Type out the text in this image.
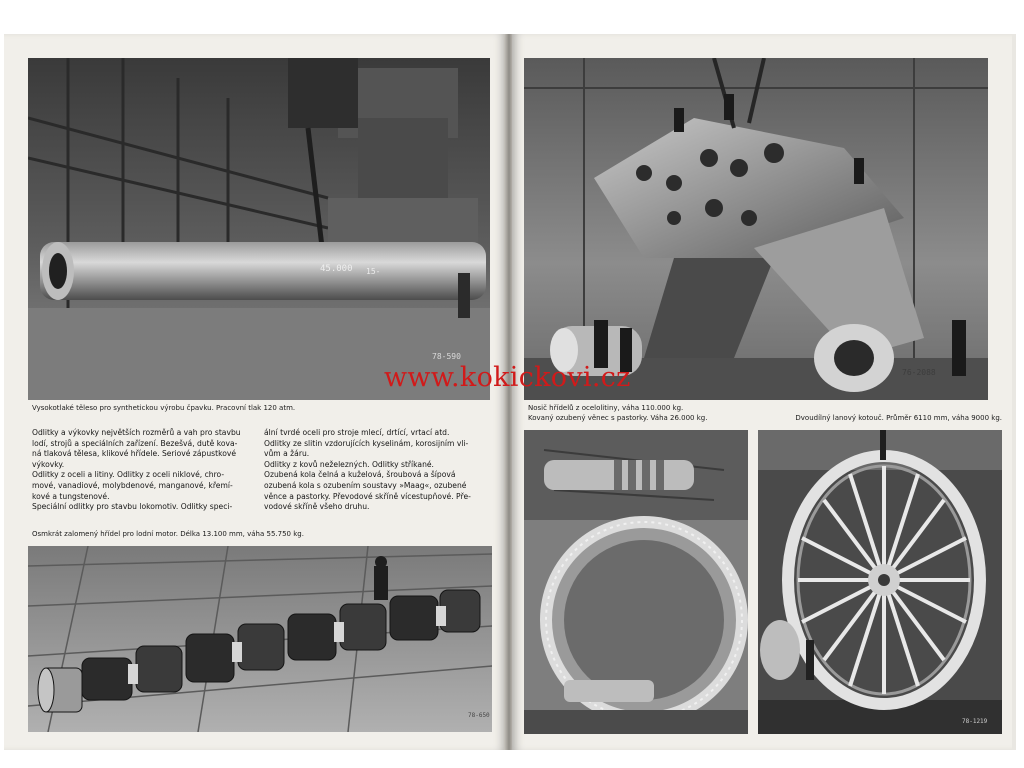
45.000 15-
78-590
Vysokotlaké těleso pro synthetickou výrobu čpavku. Pracovní tlak 120 atm.
Odlitky a výkovky největších rozměrů a vah pro stavbu
lodí, strojů a speciálních zařízení. Bezešvá, dutě kova-
ná tlaková tělesa, klikové hřídele. Seriové zápustkové
výkovky.
Odlitky z oceli a litiny. Odlitky z oceli niklové, chro-
mové, vanadiové, molybdenové, manganové, křemí-
kové a tungstenové.
Speciální odlitky pro stavbu lokomotiv. Odlitky speci-
ální tvrdé oceli pro stroje mlecí, drtící, vrtací atd.
Odlitky ze slitin vzdorujících kyselinám, korosijním vli-
vům a žáru.
Odlitky z kovů neželezných. Odlitky stříkané.
Ozubená kola čelná a kuželová, šroubová a šípová
ozubená kola s ozubením soustavy »Maag«, ozubené
věnce a pastorky. Převodové skříně vícestupňové. Pře-
vodové skříně všeho druhu.
Osmkrát zalomený hřídel pro lodní motor. Délka 13.100 mm, váha 55.750 kg.
78-650
76-2088
Nosič hřídelů z ocelolitiny, váha 110.000 kg.
Kovaný ozubený věnec s pastorky. Váha 26.000 kg.	Dvoudílný lanový kotouč. Průměr 6110 mm, váha 9000 kg.
78-1219
www.kokickovi.cz
